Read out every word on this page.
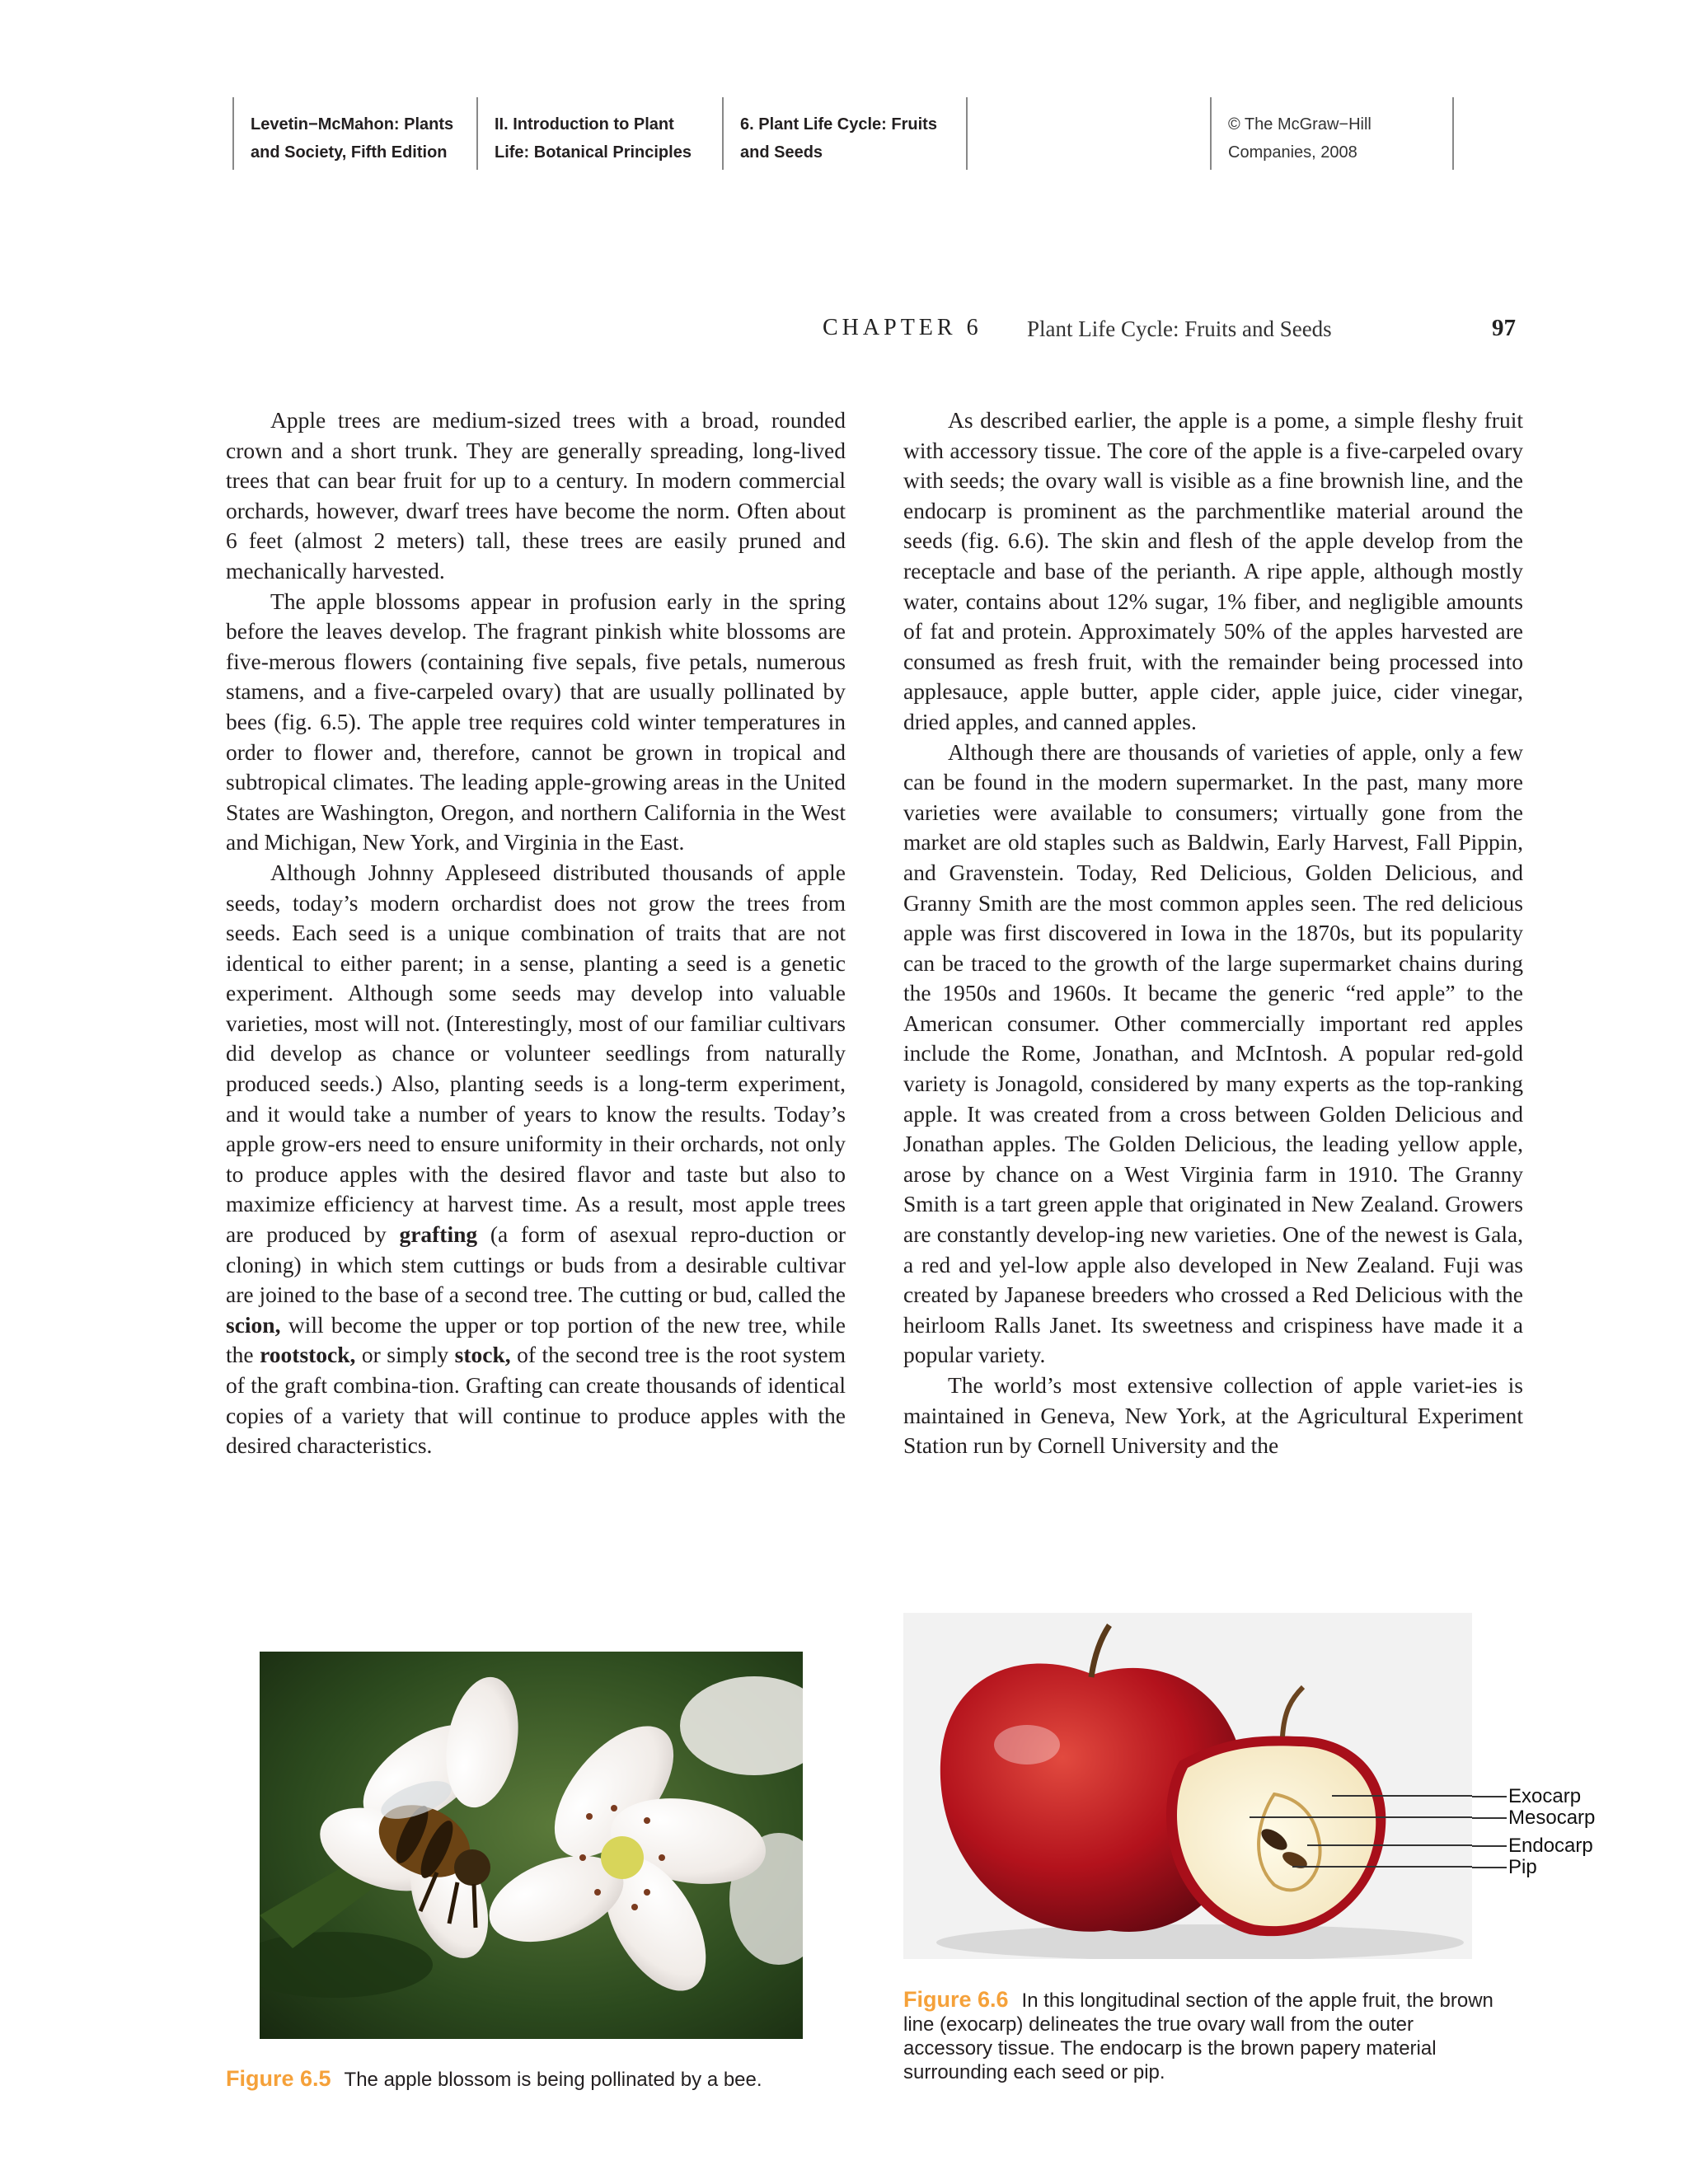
Levetin−McMahon: Plants
and Society, Fifth Edition
II. Introduction to Plant
Life: Botanical Principles
6. Plant Life Cycle: Fruits
and Seeds
© The McGraw−Hill
Companies, 2008
CHAPTER 6 Plant Life Cycle: Fruits and Seeds	97

Apple trees are medium-sized trees with a broad, rounded crown and a short trunk. They are generally spreading, long-lived trees that can bear fruit for up to a century. In modern commercial orchards, however, dwarf trees have become the norm. Often about 6 feet (almost 2 meters) tall, these trees are easily pruned and mechanically harvested.

The apple blossoms appear in profusion early in the spring before the leaves develop. The fragrant pinkish white blossoms are five-merous flowers (containing five sepals, five petals, numerous stamens, and a five-carpeled ovary) that are usually pollinated by bees (fig. 6.5). The apple tree requires cold winter temperatures in order to flower and, therefore, cannot be grown in tropical and subtropical climates. The leading apple-growing areas in the United States are Washington, Oregon, and northern California in the West and Michigan, New York, and Virginia in the East.

Although Johnny Appleseed distributed thousands of apple seeds, today’s modern orchardist does not grow the trees from seeds. Each seed is a unique combination of traits that are not identical to either parent; in a sense, planting a seed is a genetic experiment. Although some seeds may develop into valuable varieties, most will not. (Interestingly, most of our familiar cultivars did develop as chance or volunteer seedlings from naturally produced seeds.) Also, planting seeds is a long-term experiment, and it would take a number of years to know the results. Today’s apple grow-ers need to ensure uniformity in their orchards, not only to produce apples with the desired flavor and taste but also to maximize efficiency at harvest time. As a result, most apple trees are produced by grafting (a form of asexual repro-duction or cloning) in which stem cuttings or buds from a desirable cultivar are joined to the base of a second tree. The cutting or bud, called the scion, will become the upper or top portion of the new tree, while the rootstock, or simply stock, of the second tree is the root system of the graft combina-tion. Grafting can create thousands of identical copies of a variety that will continue to produce apples with the desired characteristics.

As described earlier, the apple is a pome, a simple fleshy fruit with accessory tissue. The core of the apple is a five-carpeled ovary with seeds; the ovary wall is visible as a fine brownish line, and the endocarp is prominent as the parchmentlike material around the seeds (fig. 6.6). The skin and flesh of the apple develop from the receptacle and base of the perianth. A ripe apple, although mostly water, contains about 12% sugar, 1% fiber, and negligible amounts of fat and protein. Approximately 50% of the apples harvested are consumed as fresh fruit, with the remainder being processed into applesauce, apple butter, apple cider, apple juice, cider vinegar, dried apples, and canned apples.

Although there are thousands of varieties of apple, only a few can be found in the modern supermarket. In the past, many more varieties were available to consumers; virtually gone from the market are old staples such as Baldwin, Early Harvest, Fall Pippin, and Gravenstein. Today, Red Delicious, Golden Delicious, and Granny Smith are the most common apples seen. The red delicious apple was first discovered in Iowa in the 1870s, but its popularity can be traced to the growth of the large supermarket chains during the 1950s and 1960s. It became the generic “red apple” to the American consumer. Other commercially important red apples include the Rome, Jonathan, and McIntosh. A popular red-gold variety is Jonagold, considered by many experts as the top-ranking apple. It was created from a cross between Golden Delicious and Jonathan apples. The Golden Delicious, the leading yellow apple, arose by chance on a West Virginia farm in 1910. The Granny Smith is a tart green apple that originated in New Zealand. Growers are constantly develop-ing new varieties. One of the newest is Gala, a red and yel-low apple also developed in New Zealand. Fuji was created by Japanese breeders who crossed a Red Delicious with the heirloom Ralls Janet. Its sweetness and crispiness have made it a popular variety.

The world’s most extensive collection of apple variet-ies is maintained in Geneva, New York, at the Agricultural Experiment Station run by Cornell University and the

Exocarp
Mesocarp
Endocarp
Pip
Figure 6.5 The apple blossom is being pollinated by a bee.
Figure 6.6 In this longitudinal section of the apple fruit, the brown line (exocarp) delineates the true ovary wall from the outer accessory tissue. The endocarp is the brown papery material surrounding each seed or pip.
